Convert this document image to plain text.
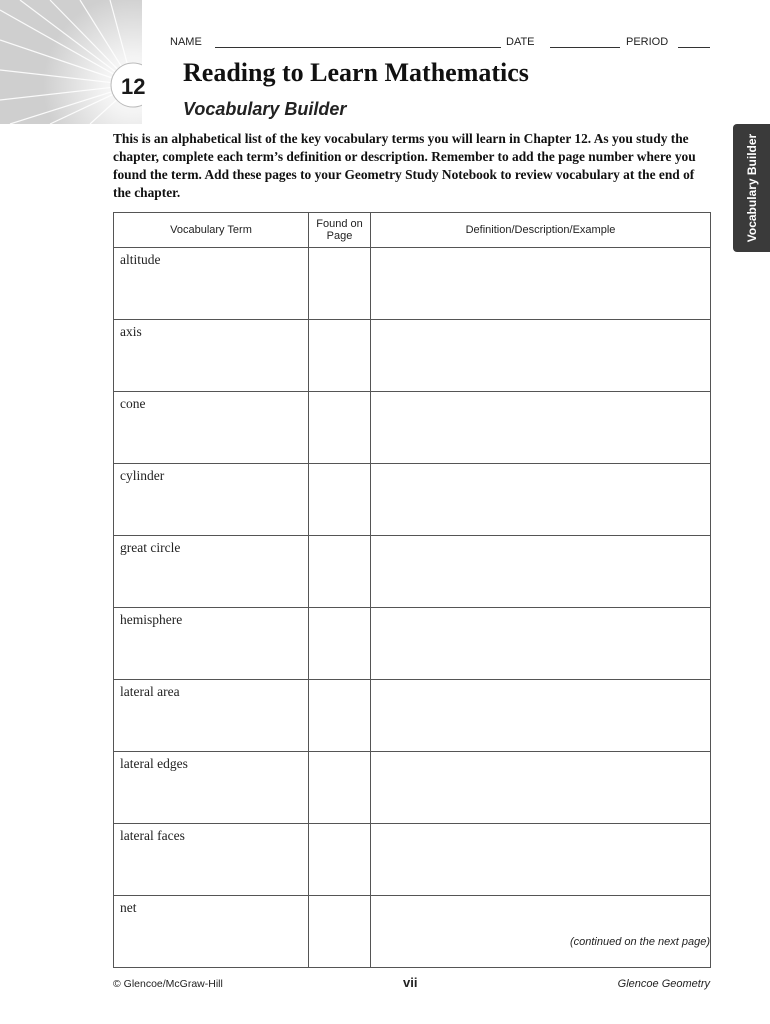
12
NAME	DATE	PERIOD
Reading to Learn Mathematics
Vocabulary Builder
Vocabulary Builder
This is an alphabetical list of the key vocabulary terms you will learn in Chapter 12. As you study the chapter, complete each term’s definition or description. Remember to add the page number where you found the term. Add these pages to your Geometry Study Notebook to review vocabulary at the end of the chapter.
Vocabulary Term	Found on Page	Definition/Description/Example
altitude		
axis		
cone		
cylinder		
great circle		
hemisphere		
lateral area		
lateral edges		
lateral faces		
net		
(continued on the next page)
© Glencoe/McGraw-Hill	vii	Glencoe Geometry
